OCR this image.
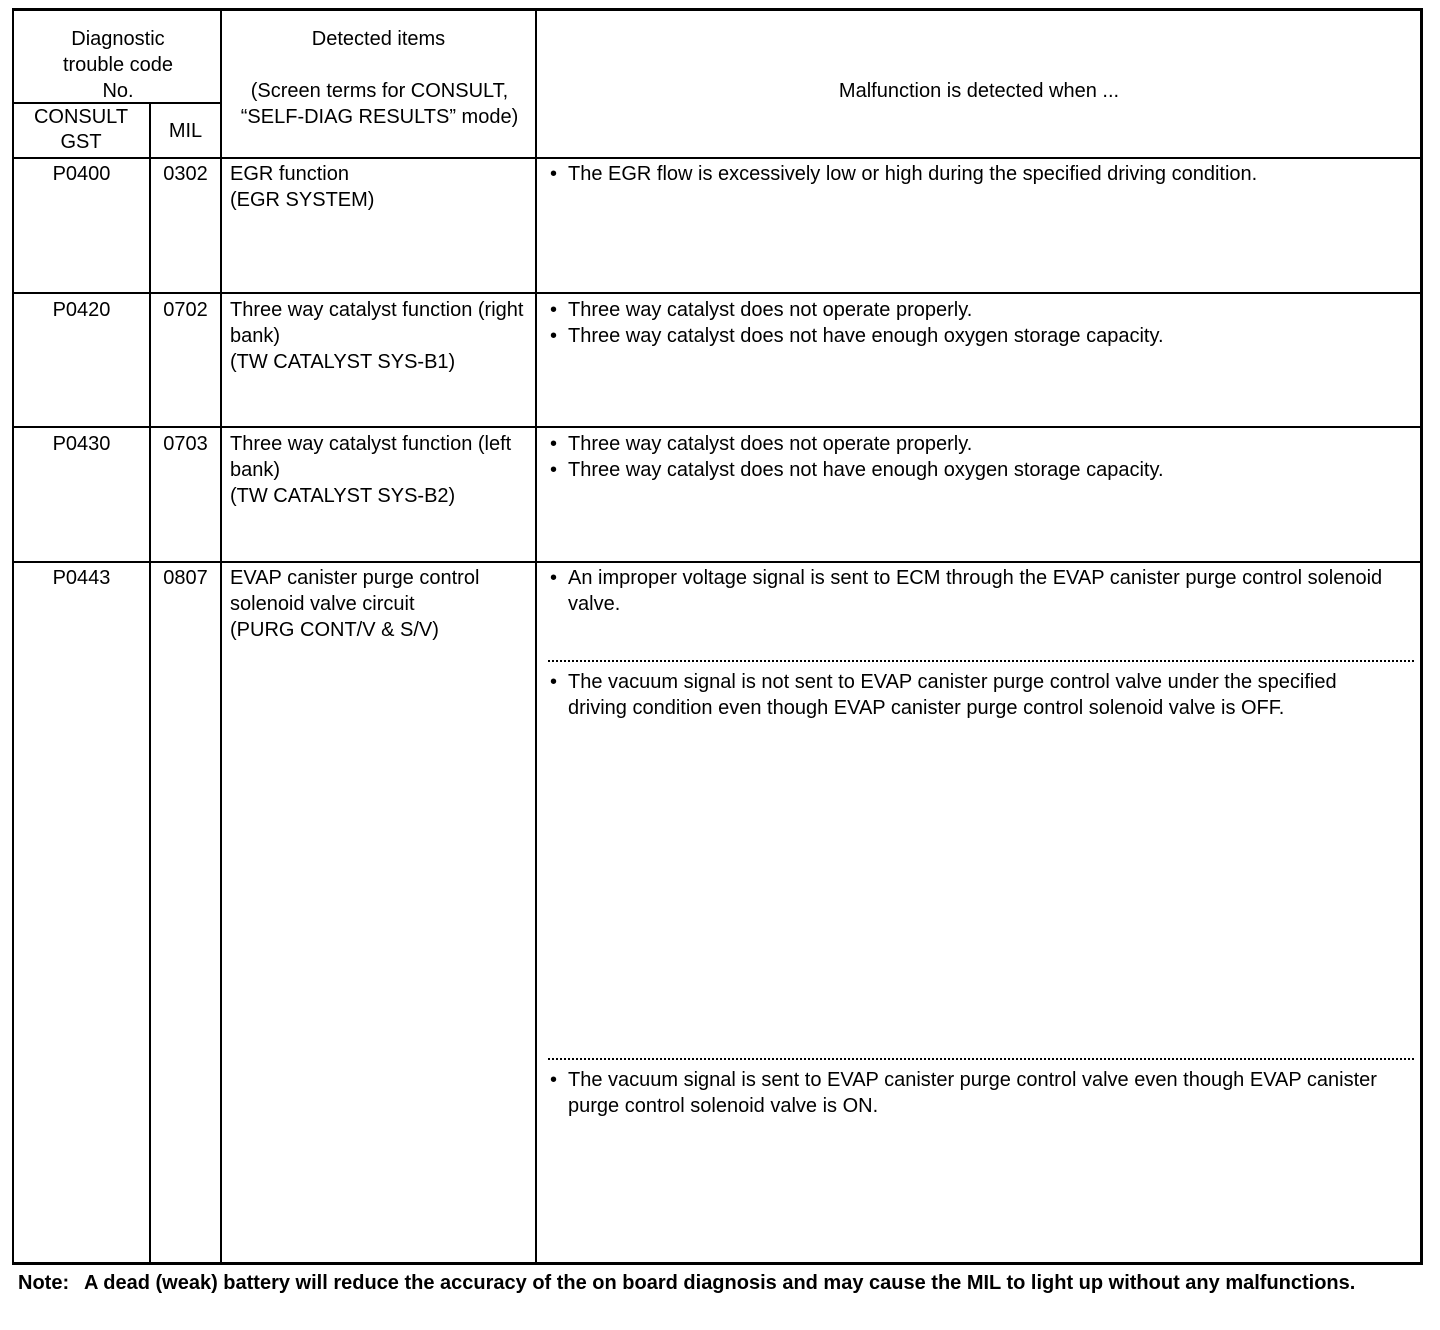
Diagnostic trouble code No.
CONSULT GST	MIL
Detected items
(Screen terms for CONSULT, “SELF-DIAG RESULTS” mode)
Malfunction is detected when ...
P0400	0302	EGR function
(EGR SYSTEM)

• The EGR flow is excessively low or high during the specified driving condition.

P0420	0702	Three way catalyst function (right bank)
(TW CATALYST SYS-B1)

• Three way catalyst does not operate properly.

• Three way catalyst does not have enough oxygen storage capacity.

P0430	0703	Three way catalyst function (left bank)
(TW CATALYST SYS-B2)

• Three way catalyst does not operate properly.

• Three way catalyst does not have enough oxygen storage capacity.

P0443	0807	EVAP canister purge control solenoid valve circuit
(PURG CONT/V & S/V)

• An improper voltage signal is sent to ECM through the EVAP canister purge control solenoid valve.

• The vacuum signal is not sent to EVAP canister purge control valve under the specified driving condition even though EVAP canister purge control solenoid valve is OFF.

• The vacuum signal is sent to EVAP canister purge control valve even though EVAP canister purge control solenoid valve is ON.

Note: A dead (weak) battery will reduce the accuracy of the on board diagnosis and may cause the MIL to light up without any malfunctions.
